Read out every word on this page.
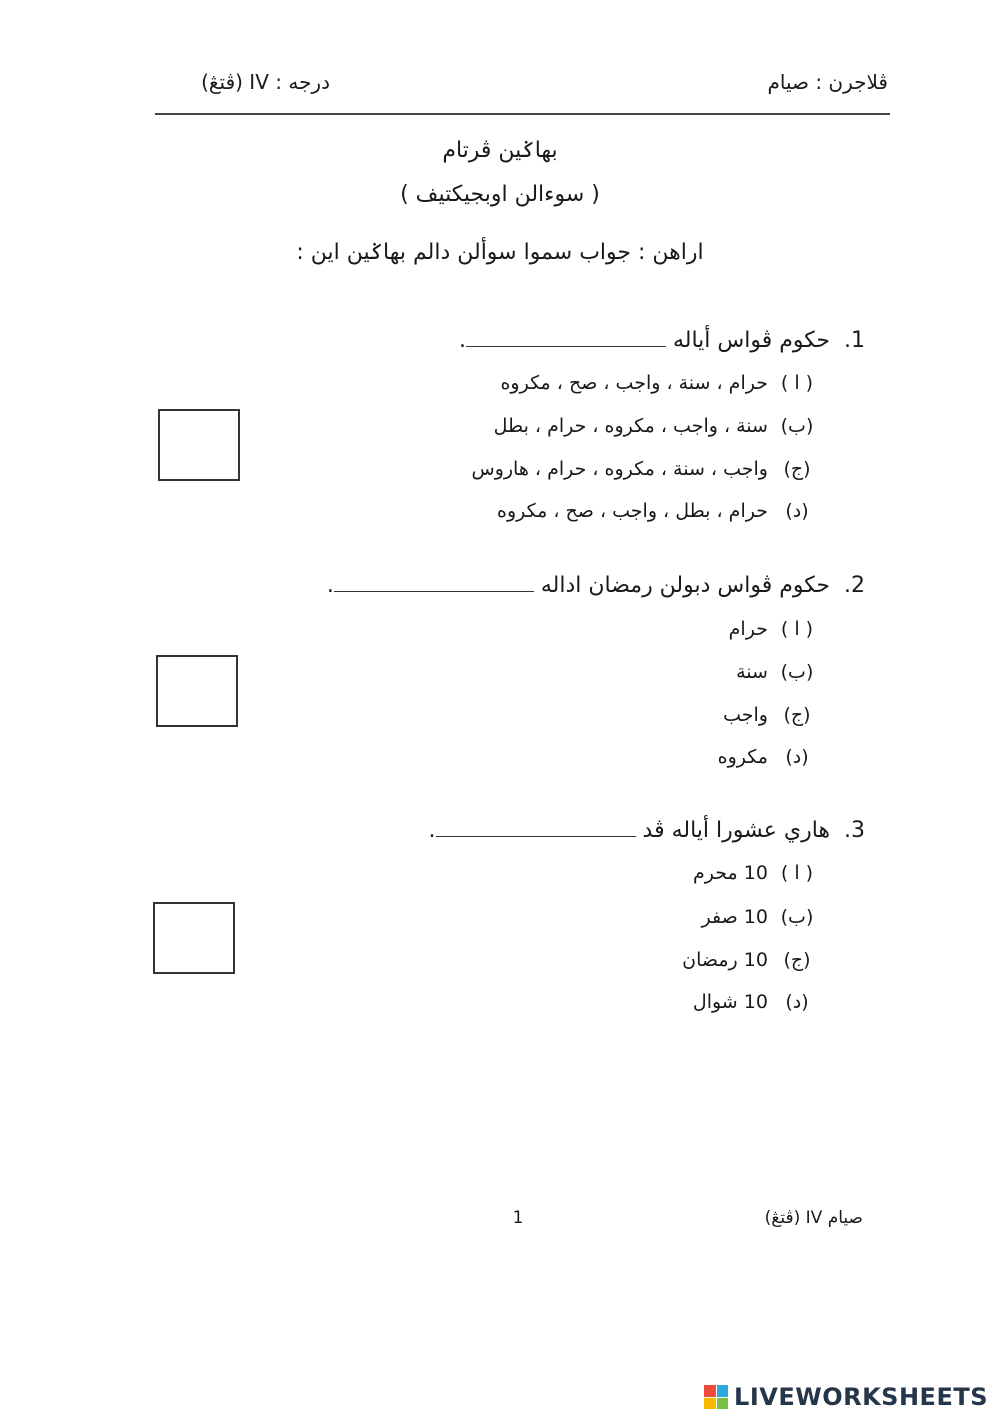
ڤلاجرن : صيام
درجه : IV (ڤتڠ)
بهاݢين ڤرتام
( سوءالن اوبجيكتيف )
اراهن : جواب سموا سوألن دالم بهاݢين اين :
1.حكوم ڤواس أياله .
( ا ) حرام ، سنة ، واجب ، صح ، مكروه
(ب) سنة ، واجب ، مكروه ، حرام ، بطل
(ج) واجب ، سنة ، مكروه ، حرام ، هاروس
(د) حرام ، بطل ، واجب ، صح ، مكروه
2.حكوم ڤواس دبولن رمضان اداله .
( ا ) حرام
(ب) سنة
(ج) واجب
(د) مكروه
3.هاري عشورا أياله ڤد .
( ا ) 10 محرم
(ب) 10 صفر
(ج) 10 رمضان
(د) 10 شوال
صيام IV (ڤتڠ)
1
LIVEWORKSHEETS
